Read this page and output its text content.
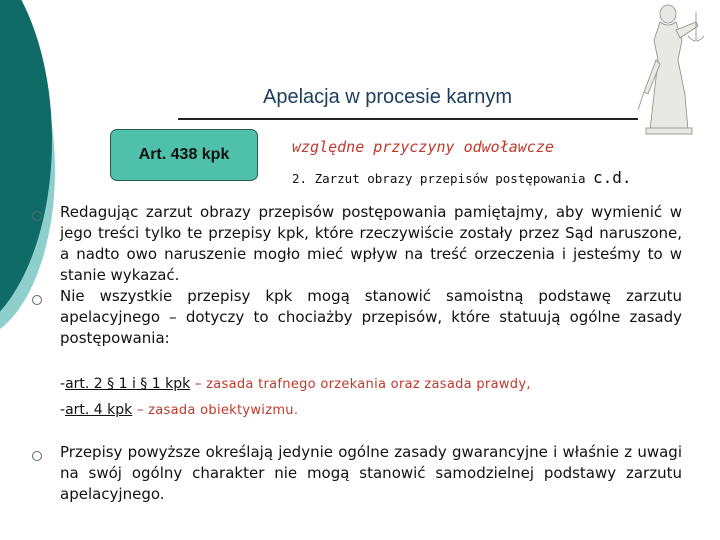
Apelacja w procesie karnym
Art. 438 kpk	względne przyczyny odwoławcze
2. Zarzut obrazy przepisów postępowania c.d.
Redagując zarzut obrazy przepisów postępowania pamiętajmy, aby wymienić w jego treści tylko te przepisy kpk, które rzeczywiście zostały przez Sąd naruszone, a nadto owo naruszenie mogło mieć wpływ na treść orzeczenia i jesteśmy to w stanie wykazać.
Nie wszystkie przepisy kpk mogą stanowić samoistną podstawę zarzutu apelacyjnego – dotyczy to chociażby przepisów, które statuują ogólne zasady postępowania:
-art. 2 § 1 i § 1 kpk – zasada trafnego orzekania oraz zasada prawdy,
-art. 4 kpk – zasada obiektywizmu.
Przepisy powyższe określają jedynie ogólne zasady gwarancyjne i właśnie z uwagi na swój ogólny charakter nie mogą stanowić samodzielnej podstawy zarzutu apelacyjnego.
